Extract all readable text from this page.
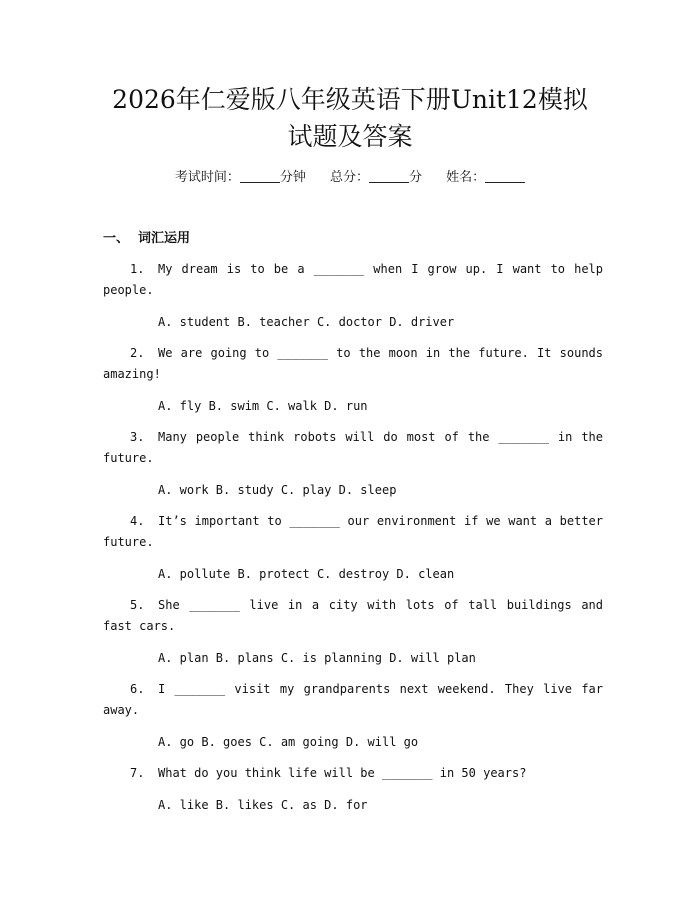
2026年仁爱版八年级英语下册Unit12模拟
试题及答案
考试时间：	分钟 总分：	分 姓名：
一、 词汇运用

1. My dream is to be a _______ when I grow up. I want to help people.

A. student B. teacher C. doctor D. driver

2. We are going to _______ to the moon in the future. It sounds amazing!

A. fly B. swim C. walk D. run

3. Many people think robots will do most of the _______ in the future.

A. work B. study C. play D. sleep

4. It’s important to _______ our environment if we want a better future.

A. pollute B. protect C. destroy D. clean

5. She _______ live in a city with lots of tall buildings and fast cars.

A. plan B. plans C. is planning D. will plan

6. I _______ visit my grandparents next weekend. They live far away.

A. go B. goes C. am going D. will go

7. What do you think life will be _______ in 50 years?

A. like B. likes C. as D. for
